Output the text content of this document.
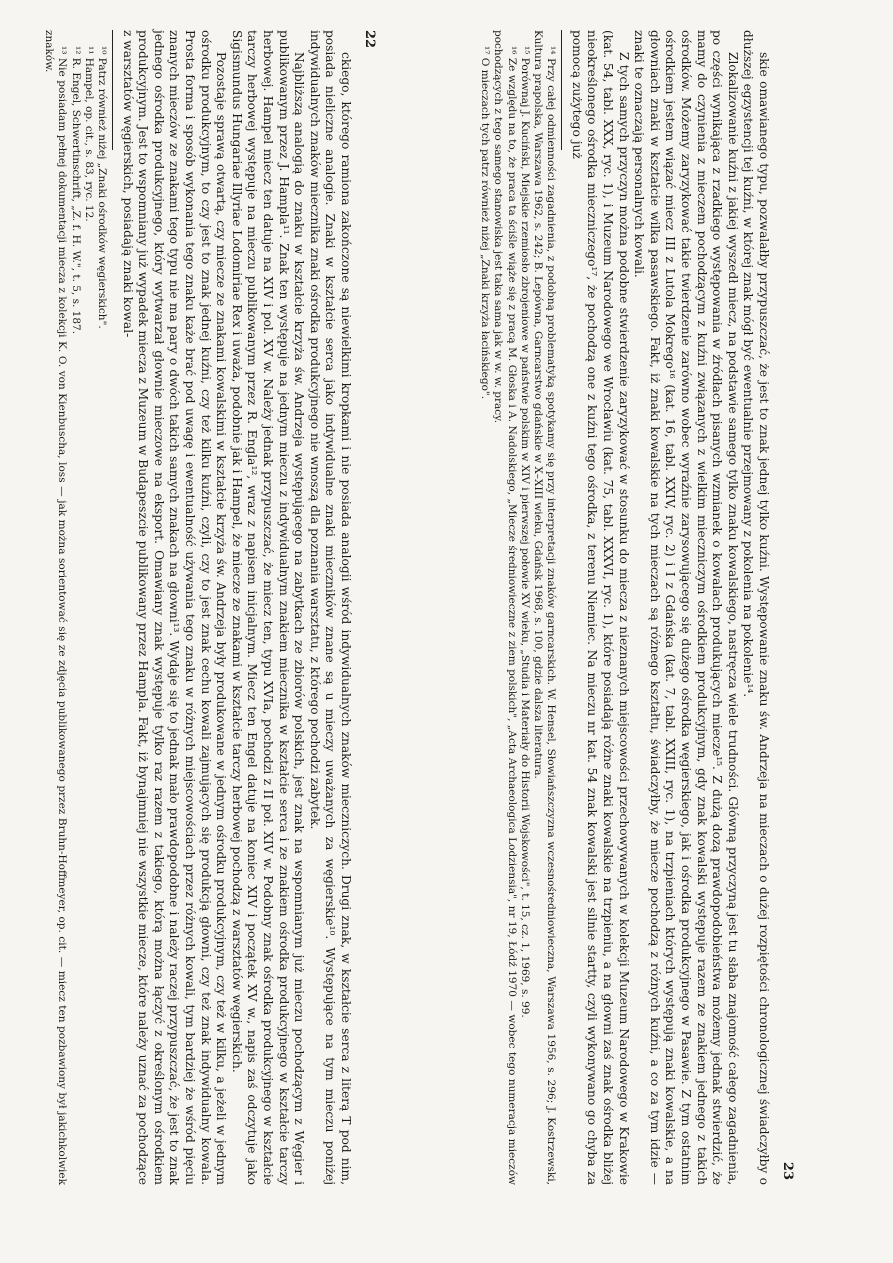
23

skie omawianego typu, pozwalałby przypuszczać, że jest to znak jednej tylko kuźni. Występowanie znaku św. Andrzeja na mieczach o dużej rozpiętości chronologicznej świadczyłby o dłuższej egzystencji tej kuźni, w której znak mógł być ewentualnie przejmowany z pokolenia na pokolenie¹⁴.

Zlokalizowanie kuźni z jakiej wyszedł miecz, na podstawie samego tylko znaku kowalskiego, nastręcza wiele trudności. Główną przyczyną jest tu słaba znajomość całego zagadnienia, po części wynikająca z rzadkiego występowania w źródłach pisanych wzmianek o kowalach produkujących miecze¹⁵. Z dużą dozą prawdopodobieństwa możemy jednak stwierdzić, że mamy do czynienia z mieczem pochodzącym z kuźni związanych z wielkim mieczniczym ośrodkiem produkcyjnym, gdy znak kowalski występuje razem ze znakiem jednego z takich ośrodków. Możemy zaryzykować takie twierdzenie zarówno wobec wyraźnie zarysowującego się dużego ośrodka węgierskiego, jak i ośrodka produkcyjnego w Pasawie. Z tym ostatnim ośrodkiem jestem wiązać miecz III z Lutola Mokrego¹⁶ (kat. 16, tabl. XXIV, ryc. 2) i I z Gdańska (kat. 7, tabl. XXIII, ryc. 1), na trzpieniach których występują znaki kowalskie, a na głowniach znaki w kształcie wilka pasawskiego. Fakt, iż znaki kowalskie na tych mieczach są różnego kształtu, świadczyłby, że miecze pochodzą z różnych kuźni, a co za tym idzie — znaki te oznaczają personalnych kowali.

Z tych samych przyczyn można podobne stwierdzenie zaryzykować w stosunku do miecza z nieznanych miejscowości przechowywanych w kolekcji Muzeum Narodowego w Krakowie (kat. 54, tabl. XXX, ryc. 1), i Muzeum Narodowego we Wrocławiu (kat. 75, tabl. XXXVI, ryc. 1), które posiadają różne znaki kowalskie na trzpieniu, a na głowni zaś znak ośrodka bliżej nieokreślonego ośrodka mieczniczego¹⁷, że pochodzą one z kuźni tego ośrodka, z terenu Niemiec. Na mieczu nr kat. 54 znak kowalski jest silnie startty, czyli wykonywano go chyba za pomocą zużytego już

¹⁴ Przy całej odmienności zagadnienia, z podobną problematyką spotykamy się przy interpretacji znaków garncarskich. W. Hensel, Słowiańszczyzna wczesnośredniowieczna, Warszawa 1956, s. 296; J. Kostrzewski, Kultura prapolska, Warszawa 1962, s. 242; B. Lepówna, Garncarstwo gdańskie w X–XIII wieku, Gdańsk 1968, s. 100, gdzie dalsza literatura.

¹⁵ Porównaj J. Kuciński, Miejskie rzemiosło zbrojeniowe w państwie polskim w XIV i pierwszej połowie XV wieku, „Studia i Materiały do Historii Wojskowości", t. 15, cz. 1, 1969, s. 99.

¹⁶ Ze względu na to, że praca ta ściśle wiąże się z pracą M. Głoska i A. Nadolskiego, „Miecze średniowieczne z ziem polskich", „Acta Archaeologica Lodziensia", nr 19, Łódź 1970 — wobec tego numeracja mieczów pochodzących z tego samego stanowiska jest taka sama jak w w. w. pracy.

¹⁷ O mieczach tych patrz również niżej „Znaki krzyża łacińskiego".

22

ckiego, którego ramiona zakończone są niewielkimi kropkami i nie posiada analogii wśród indywidualnych znaków mieczniczych. Drugi znak, w kształcie serca z literą T pod nim, posiada nieliczne analogie. Znaki w kształcie serca jako indywidualne znaki mieczników znane są u mieczy uważanych za węgierskie¹⁰. Występujące na tym mieczu poniżej indywidualnych znaków miecznika znaki ośrodka produkcyjnego nie wnoszą dla poznania warsztatu, z którego pochodzi zabytek.

Najbliższą analogią do znaku w kształcie krzyża św. Andrzeja występującego na zabytkach ze zbiorów polskich, jest znak na wspomnianym już mieczu pochodzącym z Węgier i publikowanym przez J. Hamplа¹¹. Znak ten występuje na jednym mieczu z indywidualnym znakiem miecznika w kształcie serca i ze znakiem ośrodka produkcyjnego w kształcie tarczy herbowej. Hampel miecz ten datuje na XIV i pol. XV w. Należy jednak przypuszczać, że miecz ten, typu XVIa, pochodzi z II poł. XIV w. Podobny znak ośrodka produkcyjnego w kształcie tarczy herbowej występuje na mieczu publikowanym przez R. Englа¹², wraz z napisem inicjalnym. Miecz ten Engel datuje na koniec XIV i początek XV w., napis zaś odczytuje jako Sigismundus Hungariae Illyriae Lodomiriae Rex i uważa, podobnie jak i Hampel, że miecze ze znakami w kształcie tarczy herbowej pochodzą z warsztatów węgierskich.

Pozostaje sprawą otwartą, czy miecze ze znakami kowalskimi w kształcie krzyża św. Andrzeja były produkowane w jednym ośrodku produkcyjnym, czy też w kilku, a jeżeli w jednym ośrodku produkcyjnym, to czy jest to znak jednej kuźni, czy też kilku kuźni, czyli, czy to jest znak cechu kowali zajmujących się produkcją głowni, czy też znak indywidualny kowala. Prosta forma i sposób wykonania tego znaku każe brać pod uwagę i ewentualność używania tego znaku w różnych miejscowościach przez różnych kowali, tym bardziej że wśród pięciu znanych mieczów ze znakami tego typu nie ma pary o dwóch takich samych znakach na głowni¹³. Wydaje się to jednak mało prawdopodobne i należy raczej przypuszczać, że jest to znak jednego ośrodka produkcyjnego, który wytwarzał głownie mieczowe na eksport. Omawiany znak występuje tylko raz razem z takiego, którą można łączyć z określonym ośrodkiem produkcyjnym. Jest to wspomniany już wypadek miecza z Muzeum w Budapeszcie publikowany przez Hamplа. Fakt, iż bynajmniej nie wszystkie miecze, które należy uznać za pochodzące z warsztatów węgierskich, posiadają znaki kowal-

¹⁰ Patrz również niżej „Znaki ośrodków węgierskich".

¹¹ Hampel, op. cit., s. 83, ryc. 12.

¹² R. Engel, Schwertinschrift, „Z. f. H. W.", t. 5, s. 187.

¹³ Nie posiadam pełnej dokumentacji miecza z kolekcji K. O. von Kienbuscha, loss — jak można sorientować się ze zdjęcia publikowanego przez Bruhn-Hoffmeyer, op. cit. — miecz ten pozbawiony był jakichkolwiek znaków.
